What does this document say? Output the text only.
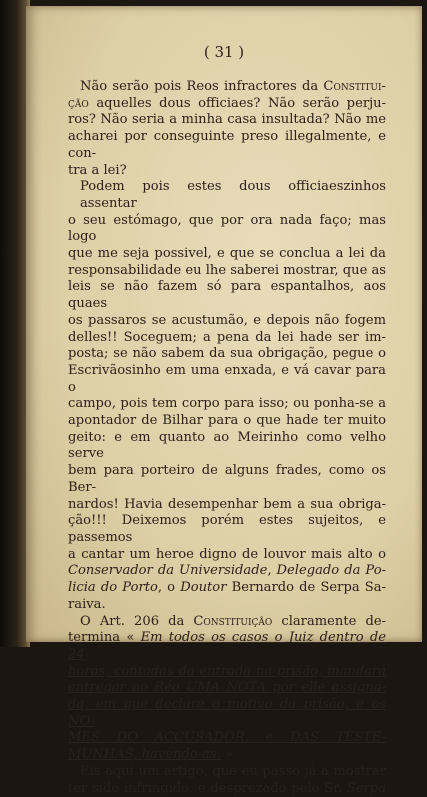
( 31 )
Não serão pois Reos infractores da Constitui-
ção aquelles dous officiaes? Não serão perju-
ros? Não seria a minha casa insultada? Não me
acharei por conseguinte preso illegalmente, e con-
tra a lei?
Podem pois estes dous officiaeszinhos assentar
o seu estómago, que por ora nada faço; mas logo
que me seja possivel, e que se conclua a lei da
responsabilidade eu lhe saberei mostrar, que as
leis se não fazem só para espantalhos, aos quaes
os passaros se acustumão, e depois não fogem
delles!! Soceguem; a pena da lei hade ser im-
posta; se não sabem da sua obrigação, pegue o
Escrivãosinho em uma enxada, e vá cavar para o
campo, pois tem corpo para isso; ou ponha-se a
apontador de Bilhar para o que hade ter muito
geito: e em quanto ao Meirinho como velho serve
bem para porteiro de alguns frades, como os Ber-
nardos! Havia desempenhar bem a sua obriga-
ção!!! Deixemos porém estes sujeitos, e passemos
a cantar um heroe digno de louvor mais alto o
Conservador da Universidade, Delegado da Po-
licia do Porto, o Doutor Bernardo de Serpa Sa-
raiva.
O Art. 206 da Constituição claramente de-
termina « Em todos os casos o Juiz dentro de 24
horas, contadas da entrada na prisão, mandará
entregar ao Réo UMA NOTA por elle assigna-
da, em que declare o motivo da prisão, e os NO-
MES DO ACCUSADOR, e DAS TESTE-
MUNHAS, havendo-as. »
Eis aqui um artigo, que eu passo já a mostrar
ter sido infringido, e desprezado pelo Sr. Serpa
